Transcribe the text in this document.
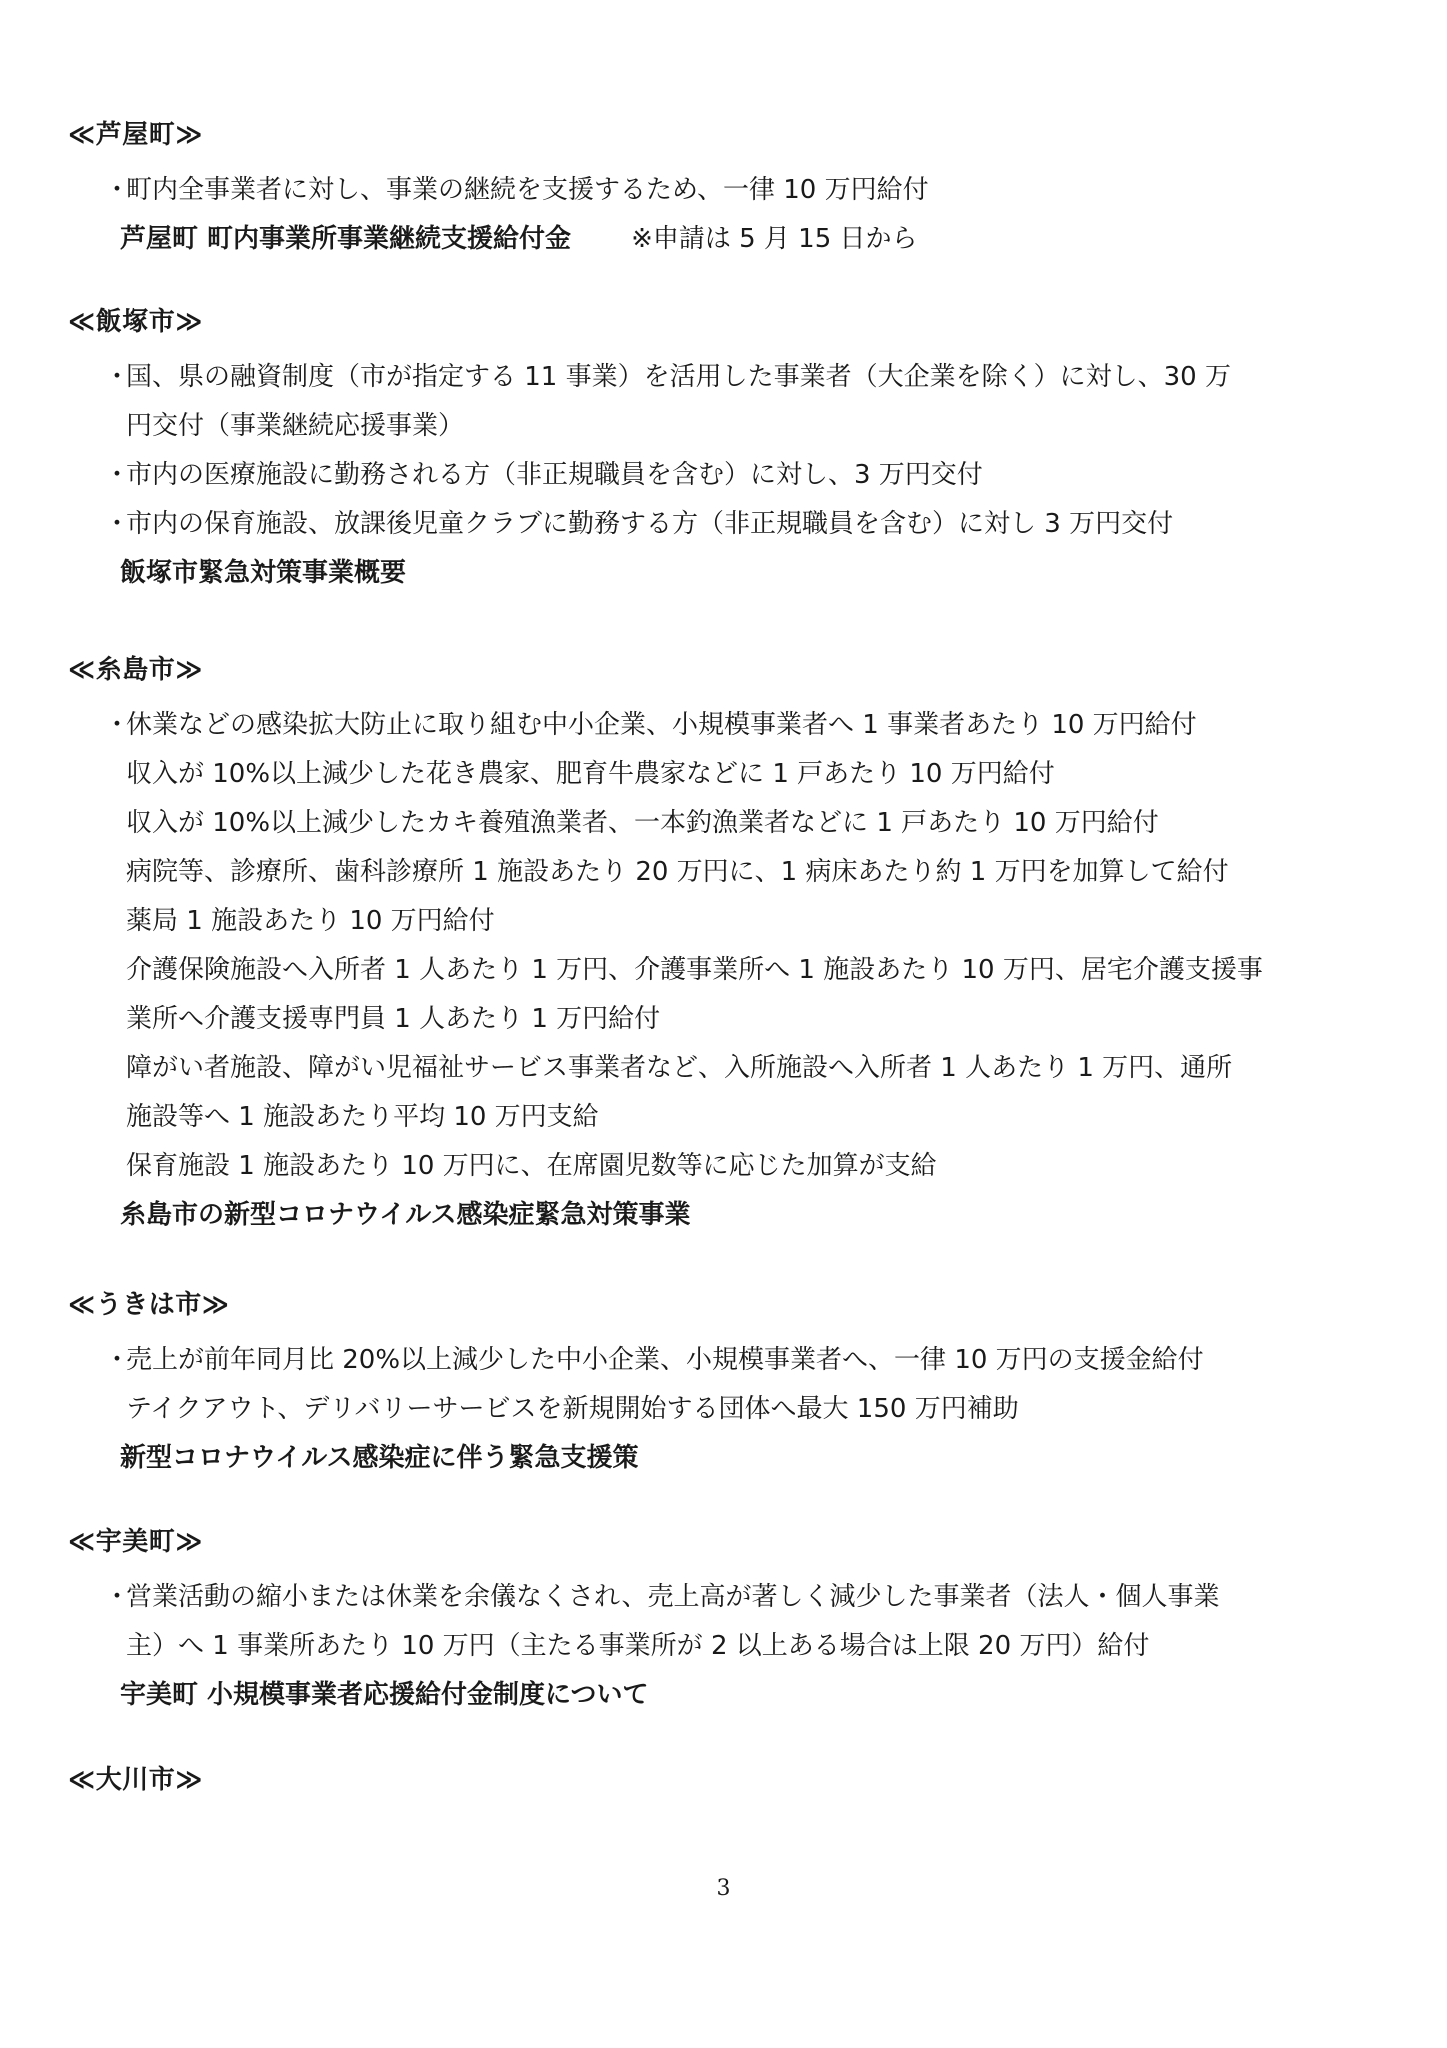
≪芦屋町≫
・
町内全事業者に対し、事業の継続を支援するため、一律 10 万円給付
芦屋町 町内事業所事業継続支援給付金 ※申請は 5 月 15 日から
≪飯塚市≫
・
国、県の融資制度（市が指定する 11 事業）を活用した事業者（大企業を除く）に対し、30 万
円交付（事業継続応援事業）
・
市内の医療施設に勤務される方（非正規職員を含む）に対し、3 万円交付
・
市内の保育施設、放課後児童クラブに勤務する方（非正規職員を含む）に対し 3 万円交付
飯塚市緊急対策事業概要
≪糸島市≫
・
休業などの感染拡大防止に取り組む中小企業、小規模事業者へ 1 事業者あたり 10 万円給付
収入が 10%以上減少した花き農家、肥育牛農家などに 1 戸あたり 10 万円給付
収入が 10%以上減少したカキ養殖漁業者、一本釣漁業者などに 1 戸あたり 10 万円給付
病院等、診療所、歯科診療所 1 施設あたり 20 万円に、1 病床あたり約 1 万円を加算して給付
薬局 1 施設あたり 10 万円給付
介護保険施設へ入所者 1 人あたり 1 万円、介護事業所へ 1 施設あたり 10 万円、居宅介護支援事
業所へ介護支援専門員 1 人あたり 1 万円給付
障がい者施設、障がい児福祉サービス事業者など、入所施設へ入所者 1 人あたり 1 万円、通所
施設等へ 1 施設あたり平均 10 万円支給
保育施設 1 施設あたり 10 万円に、在席園児数等に応じた加算が支給
糸島市の新型コロナウイルス感染症緊急対策事業
≪うきは市≫
・
売上が前年同月比 20%以上減少した中小企業、小規模事業者へ、一律 10 万円の支援金給付
テイクアウト、デリバリーサービスを新規開始する団体へ最大 150 万円補助
新型コロナウイルス感染症に伴う緊急支援策
≪宇美町≫
・
営業活動の縮小または休業を余儀なくされ、売上高が著しく減少した事業者（法人・個人事業
主）へ 1 事業所あたり 10 万円（主たる事業所が 2 以上ある場合は上限 20 万円）給付
宇美町 小規模事業者応援給付金制度について
≪大川市≫
3
